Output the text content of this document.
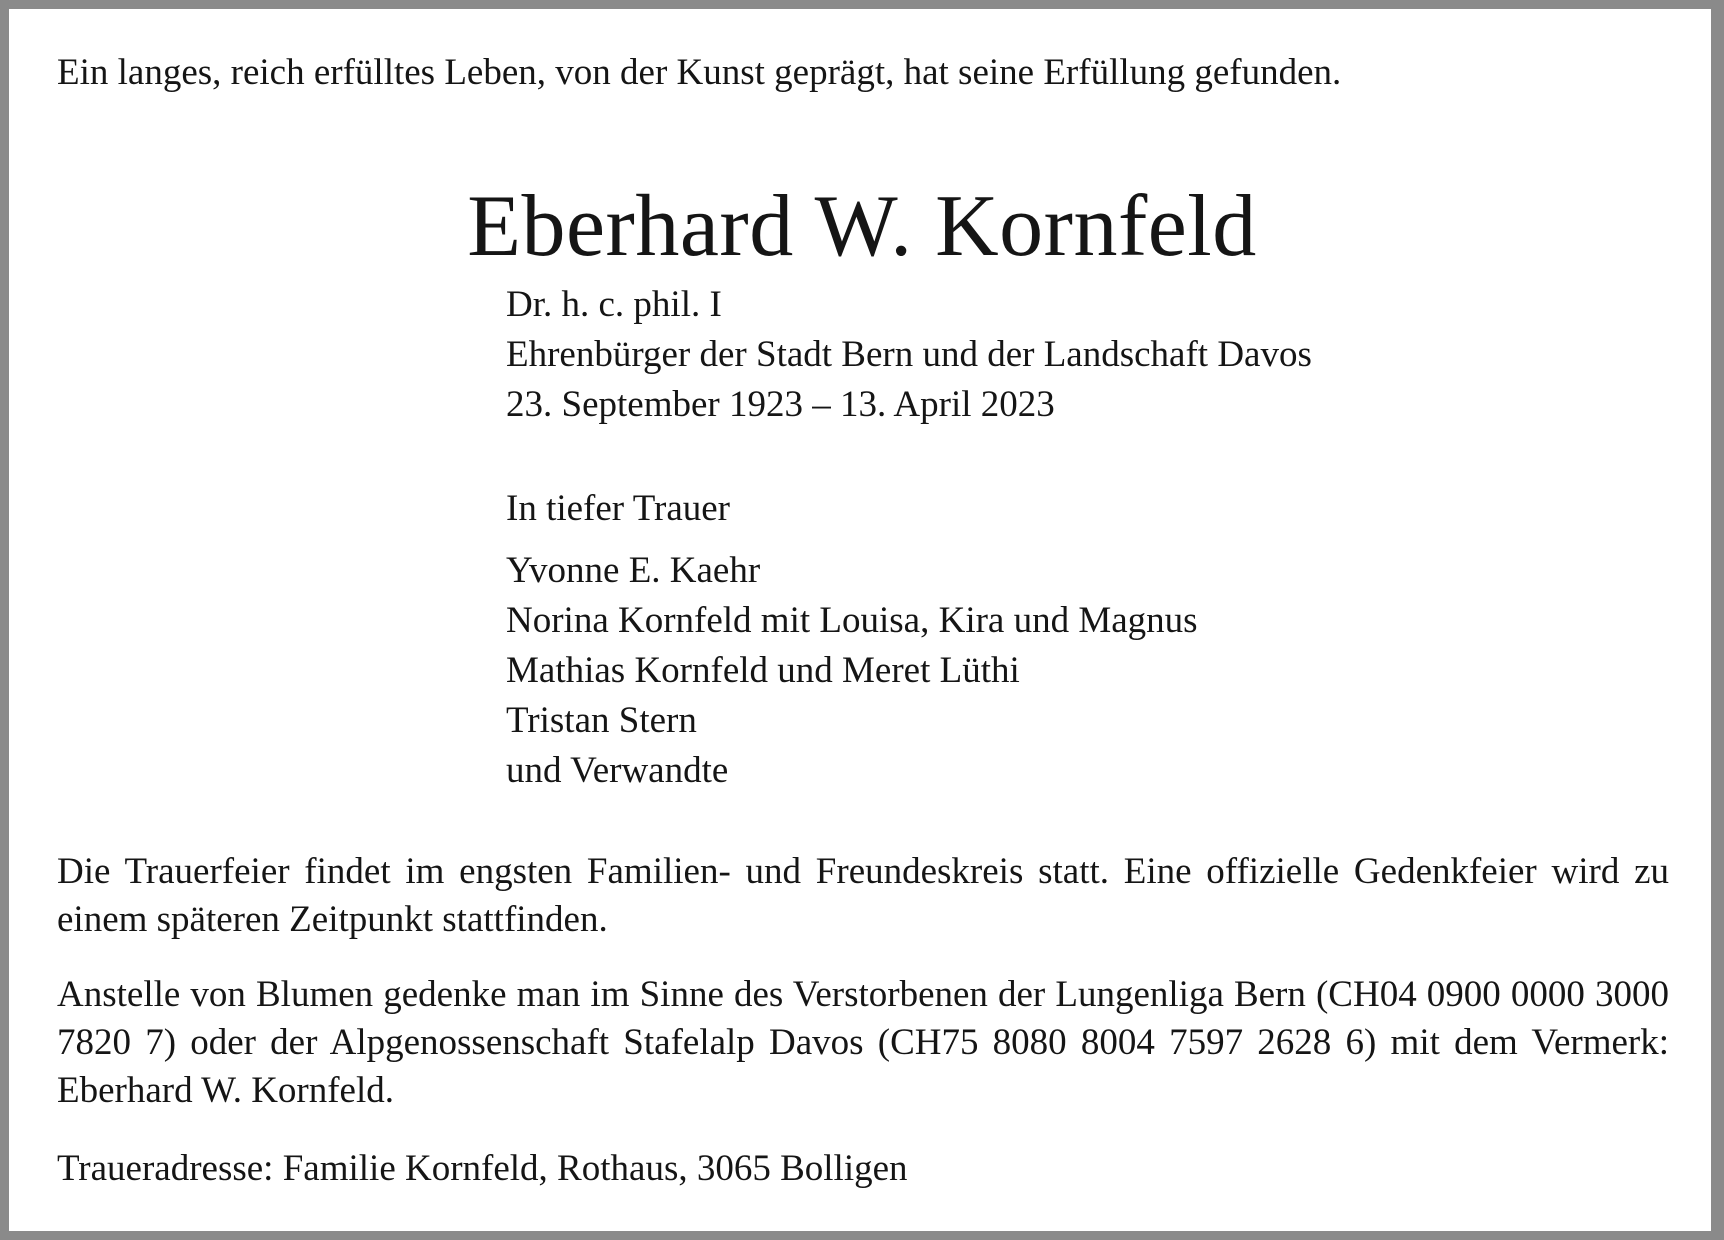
Ein langes, reich erfülltes Leben, von der Kunst geprägt, hat seine Erfüllung gefunden.
Eberhard W. Kornfeld
Dr. h. c. phil. I
Ehrenbürger der Stadt Bern und der Landschaft Davos
23. September 1923 – 13. April 2023
In tiefer Trauer
Yvonne E. Kaehr
Norina Kornfeld mit Louisa, Kira und Magnus
Mathias Kornfeld und Meret Lüthi
Tristan Stern
und Verwandte
Die Trauerfeier findet im engsten Familien- und Freundeskreis statt. Eine offizielle Gedenkfeier wird zu einem späteren Zeitpunkt stattfinden.
Anstelle von Blumen gedenke man im Sinne des Verstorbenen der Lungenliga Bern (CH04 0900 0000 3000 7820 7) oder der Alpgenossenschaft Stafelalp Davos (CH75 8080 8004 7597 2628 6) mit dem Vermerk: Eberhard W. Kornfeld.
Traueradresse: Familie Kornfeld, Rothaus, 3065 Bolligen
